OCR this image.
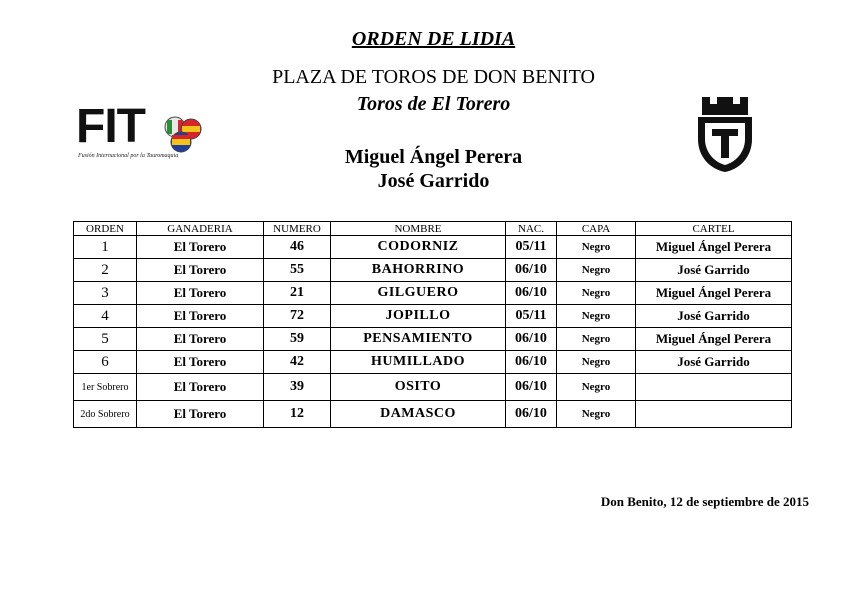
ORDEN DE LIDIA
PLAZA DE TOROS DE DON BENITO
Toros de El Torero
Miguel Ángel Perera
José Garrido
FIT
Fusión Internacional por la Tauromaquia
ORDEN	GANADERIA	NUMERO	NOMBRE	NAC.	CAPA	CARTEL
1	El Torero	46	CODORNIZ	05/11	Negro	Miguel Ángel Perera
2	El Torero	55	BAHORRINO	06/10	Negro	José Garrido
3	El Torero	21	GILGUERO	06/10	Negro	Miguel Ángel Perera
4	El Torero	72	JOPILLO	05/11	Negro	José Garrido
5	El Torero	59	PENSAMIENTO	06/10	Negro	Miguel Ángel Perera
6	El Torero	42	HUMILLADO	06/10	Negro	José Garrido
1er Sobrero	El Torero	39	OSITO	06/10	Negro	
2do Sobrero	El Torero	12	DAMASCO	06/10	Negro	
Don Benito, 12 de septiembre de 2015
